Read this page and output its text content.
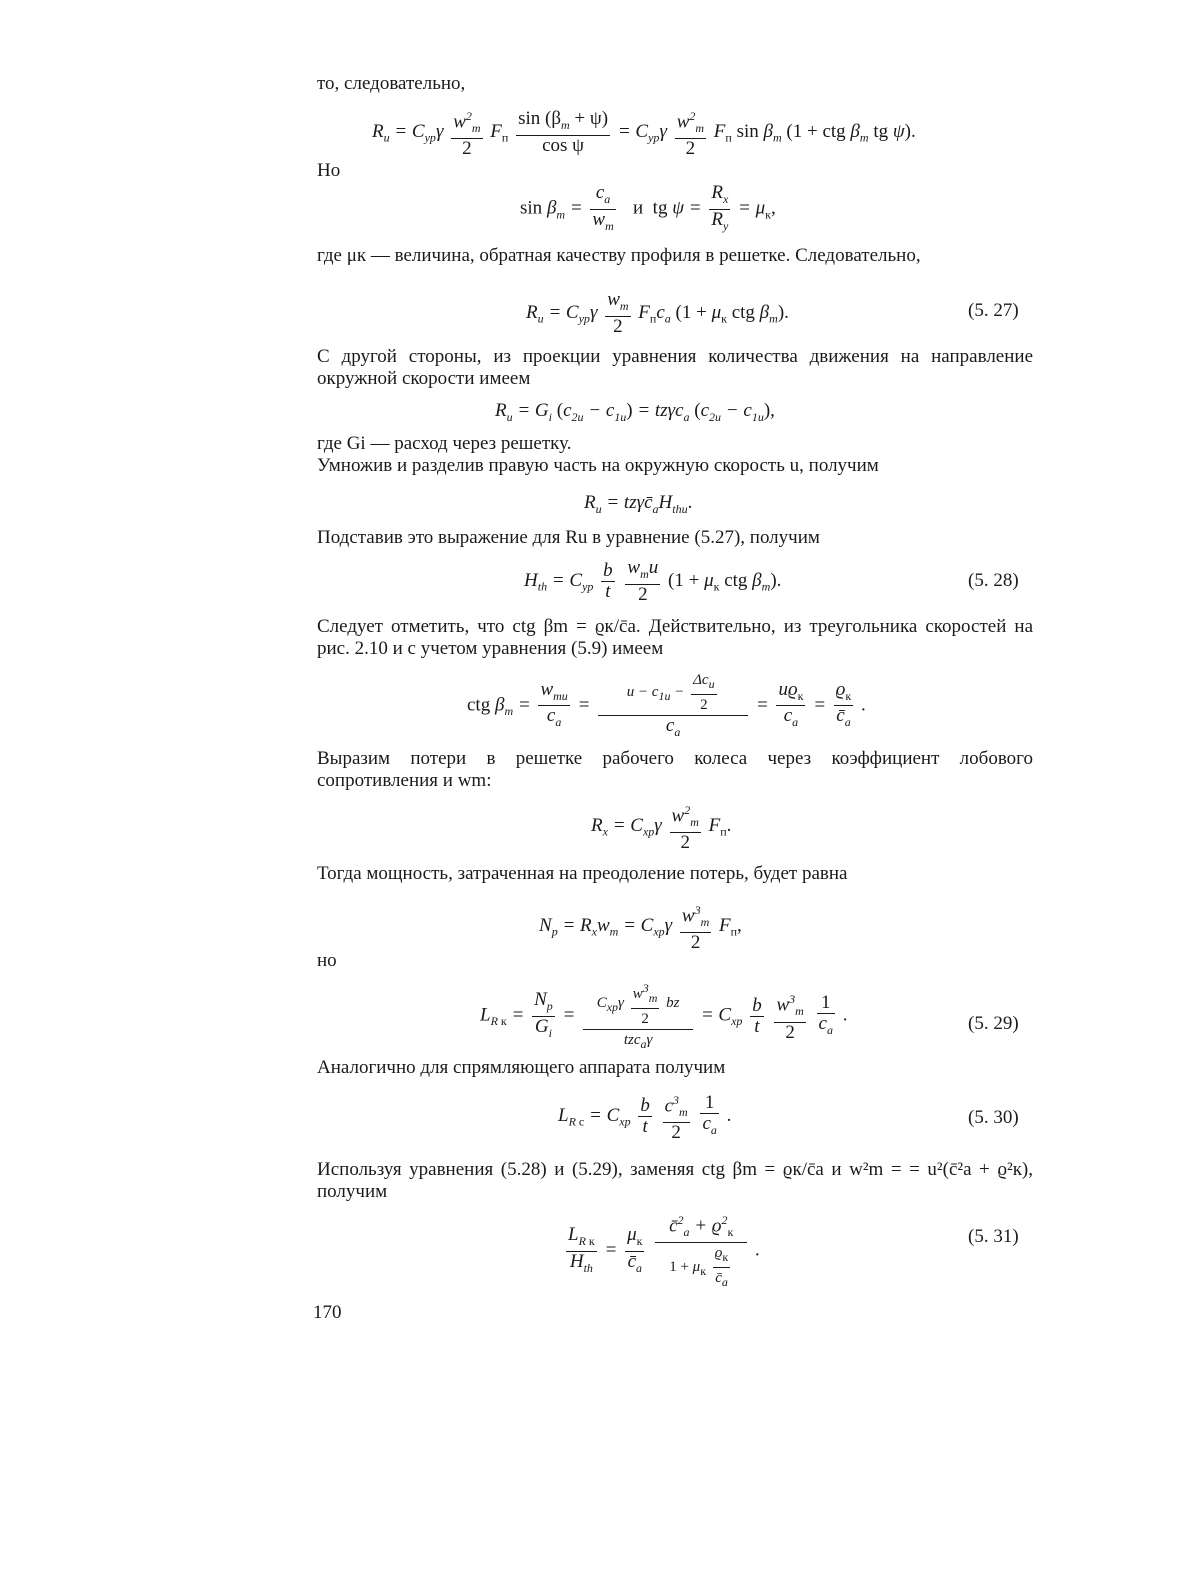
то, следовательно,
$R_u = C_{yp}\gamma \frac{w^2_m}{2} F_п \frac{\sin (\beta_m + \psi)}{\text{cos ψ}} = C_{yp}\gamma \frac{w^2_m}{2} F_п$ $\sin \beta_m$ (1 + ctg $\beta_m$ tg ψ).
Но
$\sin \beta_m = \frac{c_a}{w_m}$ и  tg $\psi = \frac{R_x}{R_y} = \mu_к$,
где μк — величина, обратная качеству профиля в решетке. Следовательно,
$R_u = C_{yp}\gamma \frac{w_m}{2} F_пc_a$ ($1 + \mu_к$ ctg $\beta_m$).	(5. 27)
С другой стороны, из проекции уравнения количества движения на направление окружной скорости имеем
$R_u = G_i$ $(c_{2u} - c_{1u}) = tz\gamma c_a$ $(c_{2u} - c_{1u})$,
где Gi — расход через решетку.
Умножив и разделив правую часть на окружную скорость u, получим
$R_u$ = $tz\gamma c̄_aH_{thu}$.
Подставив это выражение для Ru в уравнение (5.27), получим
$H_{th} = C_{yp} \frac{b}{t}$
$w_mu$
2
($1 + \mu_к$ ctg $\beta_m$).	(5. 28)
Следует отметить, что ctg βm = ϱк/c̄a. Действительно, из треугольника скоростей на рис. 2.10 и с учетом уравнения (5.9) имеем
ctg $\beta_m$ =
$w_{mu}$
$c_a$
=
$u - c_{1u}$ −
$\Delta c_u$
2
$c_a$
=
$uϱ_к$
$c_a$
=
$ϱ_к$
$c̄_a$
.
Выразим потери в решетке рабочего колеса через коэффициент лобового сопротивления и wm:
$R_x = C_{xp}\gamma \frac{w^2_m}{2} F_п$.
Тогда мощность, затраченная на преодоление потерь, будет равна
$N_p = R_xw_m = C_{xp}\gamma \frac{w^3_m}{2} F_п$,
но
$L_{R к} = \frac{N_p}{G_i}$ =
$C_{xp}\gamma \frac{w^3_m}{2}$ bz
tzc$_a$γ
= $C_{xp} \frac{b}{t}$
$\frac{w^3_m}{2}$
$\frac{1}{c_a}$ .	(5. 29)
Аналогично для спрямляющего аппарата получим
$L_{R с} = C_{xp} \frac{b}{t}$
$\frac{c^3_m}{2}$
$\frac{1}{c_a}$ .	(5. 30)
Используя уравнения (5.28) и (5.29), заменяя ctg βm = ϱк/c̄a и w²m = = u²(c̄²a + ϱ²к), получим
$L_{R к}$
$H_{th}$
=
$\mu_к$
$c̄_a$

c̄$^2_a$ + $ϱ^2_к$
$1 + \mu_к$
$ϱ_к$
$c̄_a$
.
(5. 31)
170
